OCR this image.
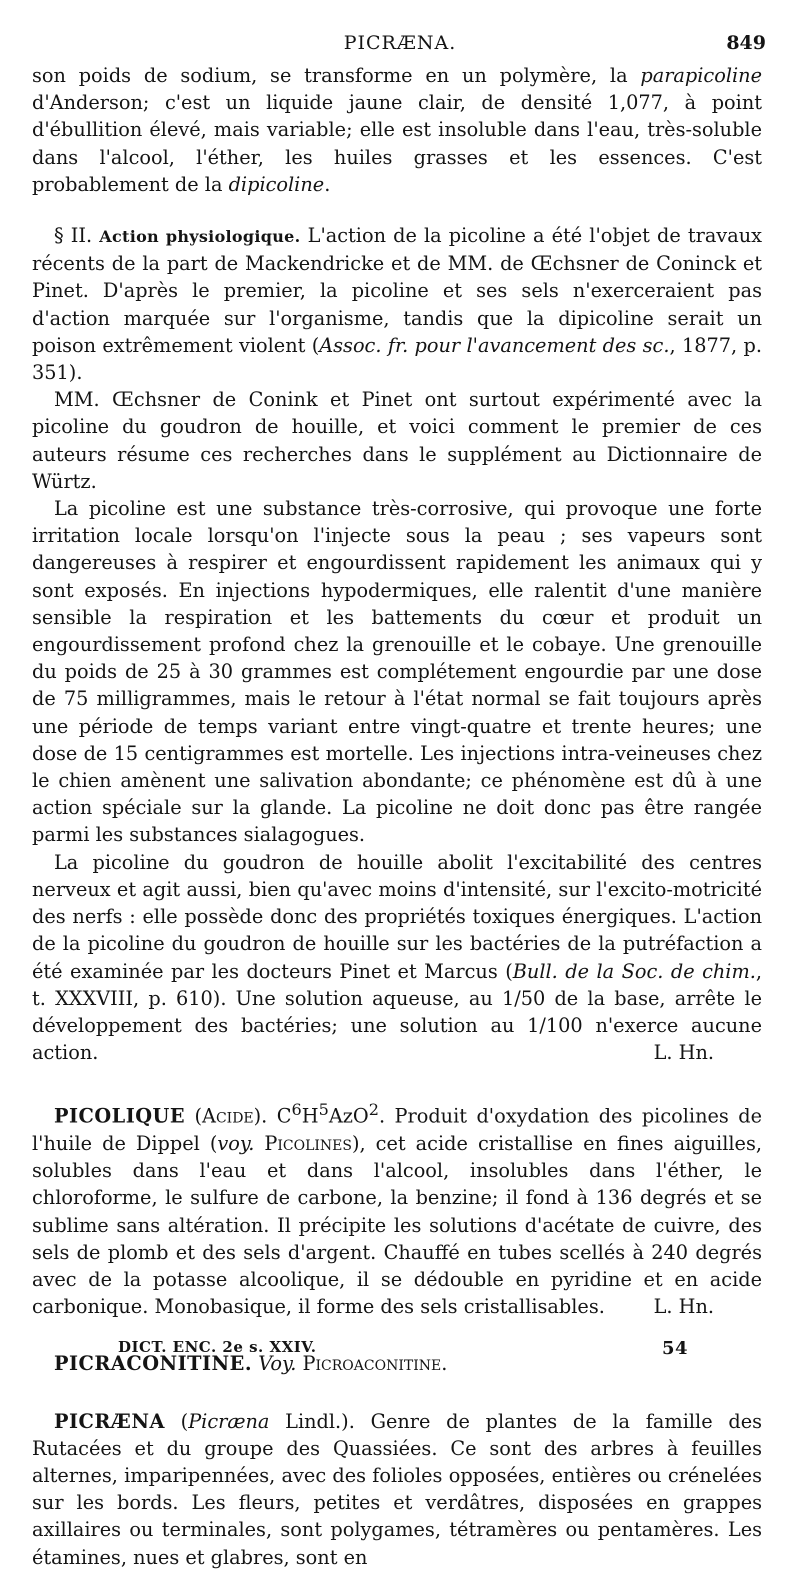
PICRÆNA.	849

son poids de sodium, se transforme en un polymère, la parapicoline d'Anderson; c'est un liquide jaune clair, de densité 1,077, à point d'ébullition élevé, mais variable; elle est insoluble dans l'eau, très-soluble dans l'alcool, l'éther, les huiles grasses et les essences. C'est probablement de la dipicoline.

§ II. Action physiologique. L'action de la picoline a été l'objet de travaux récents de la part de Mackendricke et de MM. de Œchsner de Coninck et Pinet. D'après le premier, la picoline et ses sels n'exerceraient pas d'action marquée sur l'organisme, tandis que la dipicoline serait un poison extrêmement violent (Assoc. fr. pour l'avancement des sc., 1877, p. 351).

MM. Œchsner de Conink et Pinet ont surtout expérimenté avec la picoline du goudron de houille, et voici comment le premier de ces auteurs résume ces recherches dans le supplément au Dictionnaire de Würtz.

La picoline est une substance très-corrosive, qui provoque une forte irritation locale lorsqu'on l'injecte sous la peau ; ses vapeurs sont dangereuses à respirer et engourdissent rapidement les animaux qui y sont exposés. En injections hypodermiques, elle ralentit d'une manière sensible la respiration et les battements du cœur et produit un engourdissement profond chez la grenouille et le cobaye. Une grenouille du poids de 25 à 30 grammes est complétement engourdie par une dose de 75 milligrammes, mais le retour à l'état normal se fait toujours après une période de temps variant entre vingt-quatre et trente heures; une dose de 15 centigrammes est mortelle. Les injections intra-veineuses chez le chien amènent une salivation abondante; ce phénomène est dû à une action spéciale sur la glande. La picoline ne doit donc pas être rangée parmi les substances sialagogues.

La picoline du goudron de houille abolit l'excitabilité des centres nerveux et agit aussi, bien qu'avec moins d'intensité, sur l'excito-motricité des nerfs : elle possède donc des propriétés toxiques énergiques. L'action de la picoline du goudron de houille sur les bactéries de la putréfaction a été examinée par les docteurs Pinet et Marcus (Bull. de la Soc. de chim., t. XXXVIII, p. 610). Une solution aqueuse, au 1/50 de la base, arrête le développement des bactéries; une solution au 1/100 n'exerce aucune action.	L. Hn.

PICOLIQUE (Acide). $C^6H^5AzO^2$. Produit d'oxydation des picolines de l'huile de Dippel (voy. Picolines), cet acide cristallise en fines aiguilles, solubles dans l'eau et dans l'alcool, insolubles dans l'éther, le chloroforme, le sulfure de carbone, la benzine; il fond à 136 degrés et se sublime sans altération. Il précipite les solutions d'acétate de cuivre, des sels de plomb et des sels d'argent. Chauffé en tubes scellés à 240 degrés avec de la potasse alcoolique, il se dédouble en pyridine et en acide carbonique. Monobasique, il forme des sels cristallisables.	L. Hn.

PICRACONITINE. Voy. Picroaconitine.

PICRÆNA (Picræna Lindl.). Genre de plantes de la famille des Rutacées et du groupe des Quassiées. Ce sont des arbres à feuilles alternes, imparipennées, avec des folioles opposées, entières ou crénelées sur les bords. Les fleurs, petites et verdâtres, disposées en grappes axillaires ou terminales, sont polygames, tétramères ou pentamères. Les étamines, nues et glabres, sont en

DICT. ENC. 2e s. XXIV.	54
